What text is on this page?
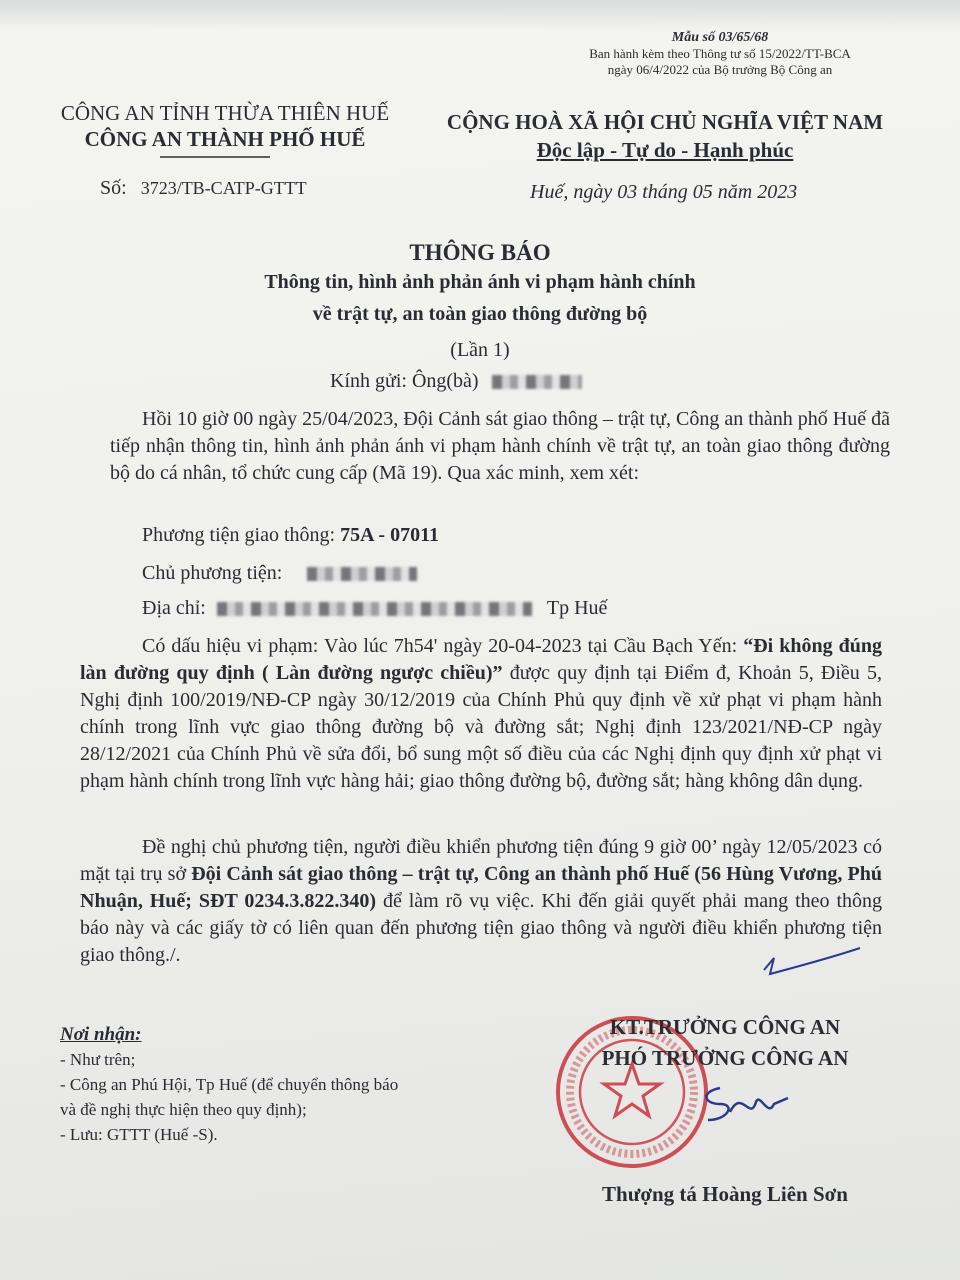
Mẫu số 03/65/68
Ban hành kèm theo Thông tư số 15/2022/TT-BCA
ngày 06/4/2022 của Bộ trưởng Bộ Công an
CÔNG AN TỈNH THỪA THIÊN HUẾ
CÔNG AN THÀNH PHỐ HUẾ
CỘNG HOÀ XÃ HỘI CHỦ NGHĨA VIỆT NAM
Độc lập - Tự do - Hạnh phúc
Số: 3723/TB-CATP-GTTT	Huế, ngày 03 tháng 05 năm 2023
THÔNG BÁO
Thông tin, hình ảnh phản ánh vi phạm hành chính
về trật tự, an toàn giao thông đường bộ
(Lần 1)
Kính gửi: Ông(bà)
Hồi 10 giờ 00 ngày 25/04/2023, Đội Cảnh sát giao thông – trật tự, Công an thành phố Huế đã tiếp nhận thông tin, hình ảnh phản ánh vi phạm hành chính về trật tự, an toàn giao thông đường bộ do cá nhân, tổ chức cung cấp (Mã 19). Qua xác minh, xem xét:
Phương tiện giao thông: 75A - 07011
Chủ phương tiện:
Địa chỉ:	Tp Huế
Có dấu hiệu vi phạm: Vào lúc 7h54' ngày 20-04-2023 tại Cầu Bạch Yến: “Đi không đúng làn đường quy định ( Làn đường ngược chiều)” được quy định tại Điểm đ, Khoản 5, Điều 5, Nghị định 100/2019/NĐ-CP ngày 30/12/2019 của Chính Phủ quy định về xử phạt vi phạm hành chính trong lĩnh vực giao thông đường bộ và đường sắt; Nghị định 123/2021/NĐ-CP ngày 28/12/2021 của Chính Phủ về sửa đổi, bổ sung một số điều của các Nghị định quy định xử phạt vi phạm hành chính trong lĩnh vực hàng hải; giao thông đường bộ, đường sắt; hàng không dân dụng.
Đề nghị chủ phương tiện, người điều khiển phương tiện đúng 9 giờ 00’ ngày 12/05/2023 có mặt tại trụ sở Đội Cảnh sát giao thông – trật tự, Công an thành phố Huế (56 Hùng Vương, Phú Nhuận, Huế; SĐT 0234.3.822.340) để làm rõ vụ việc. Khi đến giải quyết phải mang theo thông báo này và các giấy tờ có liên quan đến phương tiện giao thông và người điều khiển phương tiện giao thông./.
Nơi nhận:
- Như trên;
- Công an Phú Hội, Tp Huế (để chuyển thông báo
và đề nghị thực hiện theo quy định);
- Lưu: GTTT (Huế -S).
KT.TRƯỞNG CÔNG AN
PHÓ TRƯỞNG CÔNG AN
Thượng tá Hoàng Liên Sơn
